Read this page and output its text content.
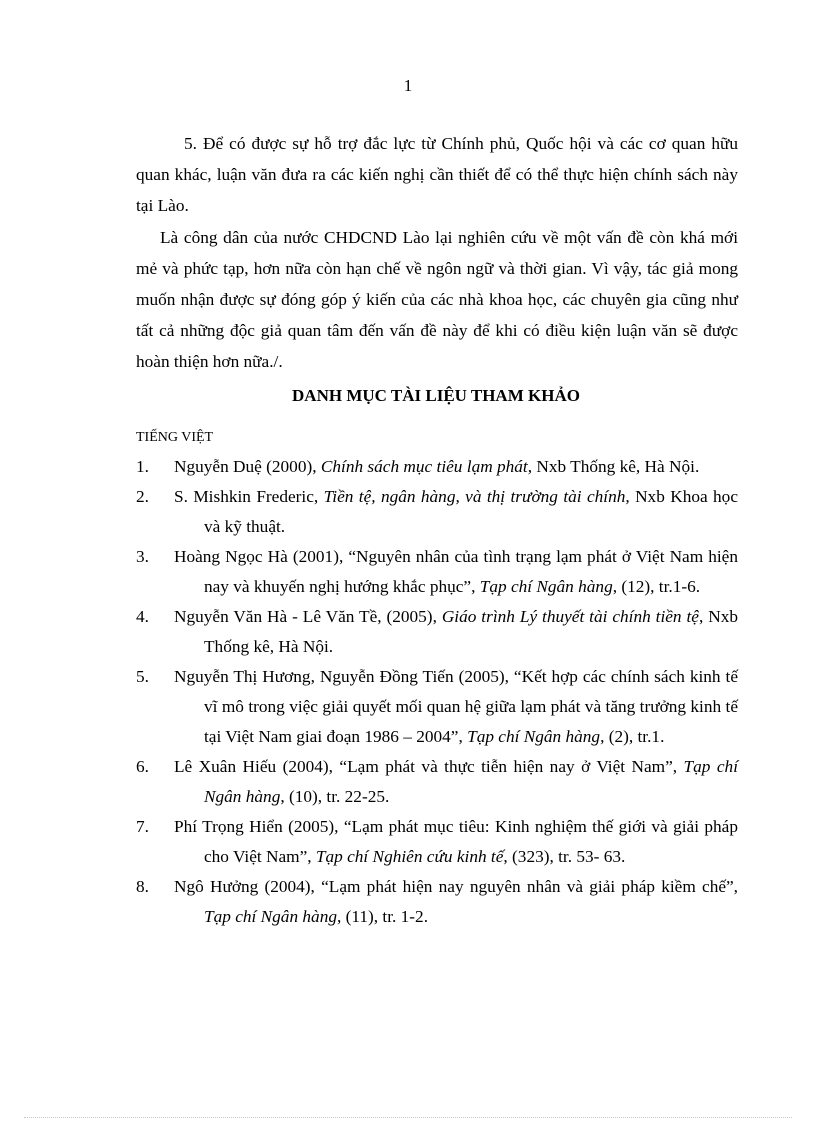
1

5. Để có được sự hỗ trợ đắc lực từ Chính phủ, Quốc hội và các cơ quan hữu quan khác, luận văn đưa ra các kiến nghị cần thiết để có thể thực hiện chính sách này tại Lào.

Là công dân của nước CHDCND Lào lại nghiên cứu về một vấn đề còn khá mới mẻ và phức tạp, hơn nữa còn hạn chế về ngôn ngữ và thời gian. Vì vậy, tác giả mong muốn nhận được sự đóng góp ý kiến của các nhà khoa học, các chuyên gia cũng như tất cả những độc giả quan tâm đến vấn đề này để khi có điều kiện luận văn sẽ được hoàn thiện hơn nữa./.

DANH MỤC TÀI LIỆU THAM KHẢO
TIẾNG VIỆT
1. Nguyễn Duệ (2000), Chính sách mục tiêu lạm phát, Nxb Thống kê, Hà Nội.
2. S. Mishkin Frederic, Tiền tệ, ngân hàng, và thị trường tài chính, Nxb Khoa học và kỹ thuật.
3. Hoàng Ngọc Hà (2001), “Nguyên nhân của tình trạng lạm phát ở Việt Nam hiện nay và khuyến nghị hướng khắc phục”, Tạp chí Ngân hàng, (12), tr.1-6.
4. Nguyễn Văn Hà - Lê Văn Tề, (2005), Giáo trình Lý thuyết tài chính tiền tệ, Nxb Thống kê, Hà Nội.
5. Nguyễn Thị Hương, Nguyễn Đồng Tiến (2005), “Kết hợp các chính sách kinh tế vĩ mô trong việc giải quyết mối quan hệ giữa lạm phát và tăng trưởng kinh tế tại Việt Nam giai đoạn 1986 – 2004”, Tạp chí Ngân hàng, (2), tr.1.
6. Lê Xuân Hiếu (2004), “Lạm phát và thực tiễn hiện nay ở Việt Nam”, Tạp chí Ngân hàng, (10), tr. 22-25.
7. Phí Trọng Hiển (2005), “Lạm phát mục tiêu: Kinh nghiệm thế giới và giải pháp cho Việt Nam”, Tạp chí Nghiên cứu kinh tế, (323), tr. 53- 63.
8. Ngô Hưởng (2004), “Lạm phát hiện nay nguyên nhân và giải pháp kiềm chế”, Tạp chí Ngân hàng, (11), tr. 1-2.
